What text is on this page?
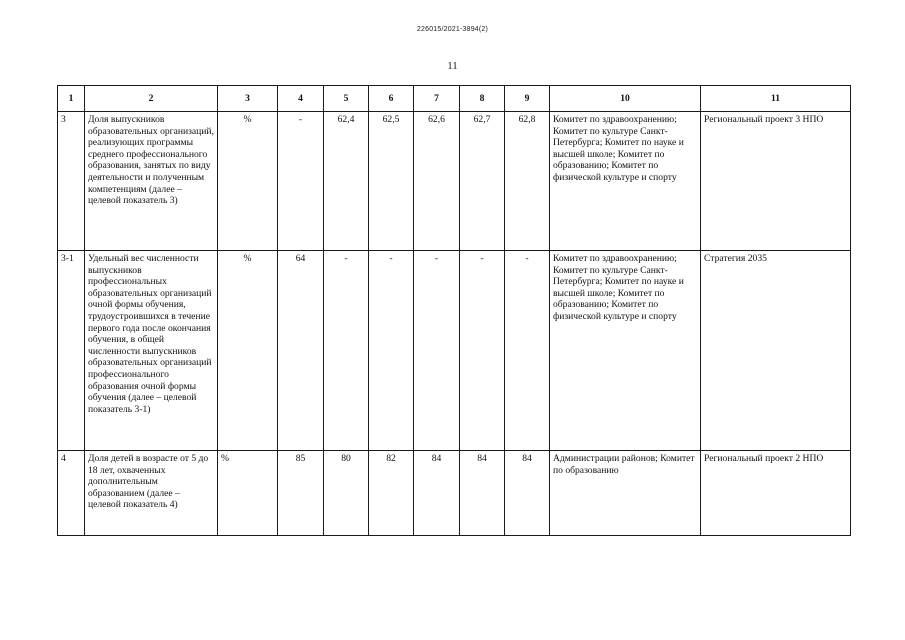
226015/2021-3894(2)
11
1	2	3	4	5	6	7	8	9	10	11
3	Доля выпускников образовательных организаций, реализующих программы среднего профессионального образования, занятых по виду деятельности и полученным компетенциям (далее – целевой показатель 3)	%	-	62,4	62,5	62,6	62,7	62,8	Комитет по здравоохранению; Комитет по культуре Санкт-Петербурга; Комитет по науке и высшей школе; Комитет по образованию; Комитет по физической культуре и спорту	Региональный проект 3 НПО
3-1	Удельный вес численности выпускников профессиональных образовательных организаций очной формы обучения, трудоустроившихся в течение первого года после окончания обучения, в общей численности выпускников образовательных организаций профессионального образования очной формы обучения (далее – целевой показатель 3-1)	%	64	-	-	-	-	-	Комитет по здравоохранению; Комитет по культуре Санкт-Петербурга; Комитет по науке и высшей школе; Комитет по образованию; Комитет по физической культуре и спорту	Стратегия 2035
4	Доля детей в возрасте от 5 до 18 лет, охваченных дополнительным образованием (далее – целевой показатель 4)	%	85	80	82	84	84	84	Администрации районов; Комитет по образованию	Региональный проект 2 НПО
